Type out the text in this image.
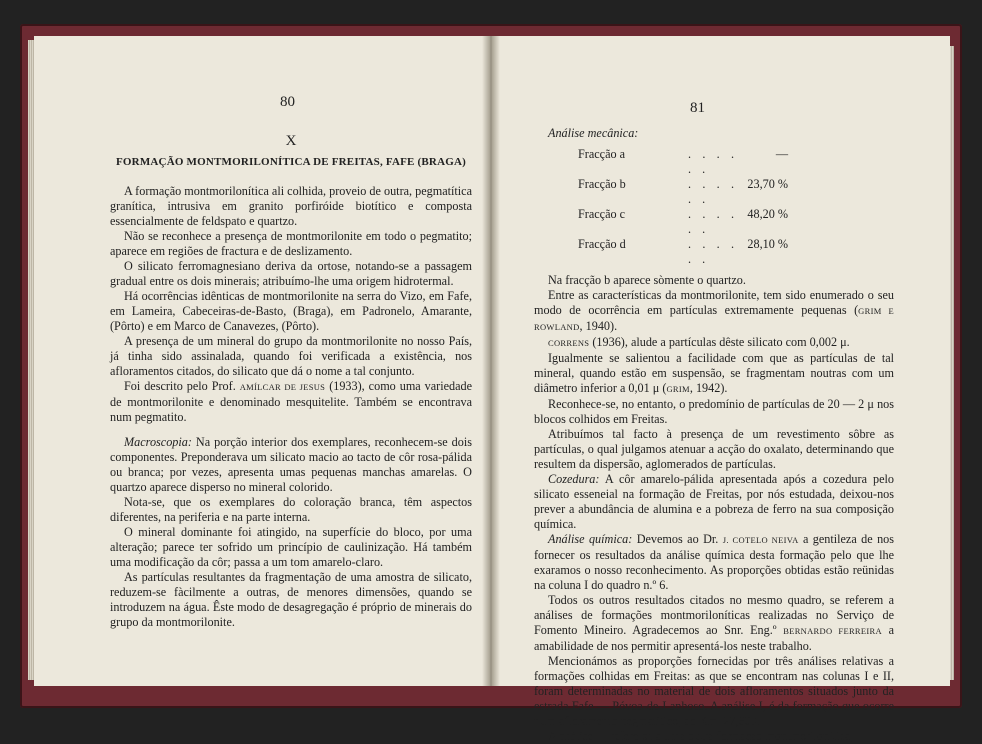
80
X
FORMAÇÃO MONTMORILONÍTICA DE FREITAS, FAFE (BRAGA)

A formação montmorilonítica ali colhida, proveio de outra, pegmatítica granítica, intrusiva em granito porfiróide biotítico e composta essencialmente de feldspato e quartzo.

Não se reconhece a presença de montmorilonite em todo o pegmatito; aparece em regiões de fractura e de deslizamento.

O silicato ferromagnesiano deriva da ortose, notando-se a passagem gradual entre os dois minerais; atribuímo-lhe uma origem hidrotermal.

Há ocorrências idênticas de montmorilonite na serra do Vizo, em Fafe, em Lameira, Cabeceiras-de-Basto, (Braga), em Padronelo, Amarante, (Pôrto) e em Marco de Canavezes, (Pôrto).

A presença de um mineral do grupo da montmorilonite no nosso País, já tinha sido assinalada, quando foi verificada a existência, nos afloramentos citados, do silicato que dá o nome a tal conjunto.

Foi descrito pelo Prof. AMÍLCAR DE JESUS (1933), como uma variedade de montmorilonite e denominado mesquitelite. Também se encontrava num pegmatito.

Macroscopia: Na porção interior dos exemplares, reconhecem-se dois componentes. Preponderava um silicato macio ao tacto de côr rosa-pálida ou branca; por vezes, apresenta umas pequenas manchas amarelas. O quartzo aparece disperso no mineral colorido.

Nota-se, que os exemplares do coloração branca, têm aspectos diferentes, na periferia e na parte interna.

O mineral dominante foi atingido, na superfície do bloco, por uma alteração; parece ter sofrido um princípio de caulinização. Há também uma modificação da côr; passa a um tom amarelo-claro.

As partículas resultantes da fragmentação de uma amostra de silicato, reduzem-se fàcilmente a outras, de menores dimensões, quando se introduzem na água. Êste modo de desagregação é próprio de minerais do grupo da montmorilonite.

81

Análise mecânica:

Fracção a	. . . . . .
—
Fracção b	. . . . . .
23,70 %
Fracção c	. . . . . .
48,20 %
Fracção d	. . . . . .
28,10 %

Na fracção b aparece sòmente o quartzo.

Entre as características da montmorilonite, tem sido enumerado o seu modo de ocorrência em partículas extremamente pequenas (GRIM E ROWLAND, 1940).

CORRENS (1936), alude a partículas dêste silicato com 0,002 μ.

Igualmente se salientou a facilidade com que as partículas de tal mineral, quando estão em suspensão, se fragmentam noutras com um diâmetro inferior a 0,01 μ (GRIM, 1942).

Reconhece-se, no entanto, o predomínio de partículas de 20 — 2 μ nos blocos colhidos em Freitas.

Atribuímos tal facto à presença de um revestimento sôbre as partículas, o qual julgamos atenuar a acção do oxalato, determinando que resultem da dispersão, aglomerados de partículas.

Cozedura: A côr amarelo-pálida apresentada após a cozedura pelo silicato esseneial na formação de Freitas, por nós estudada, deixou-nos prever a abundância de alumina e a pobreza de ferro na sua composição química.

Análise química: Devemos ao Dr. J. COTELO NEIVA a gentileza de nos fornecer os resultados da análise química desta formação pelo que lhe exaramos o nosso reconhecimento. As proporções obtidas estão reünidas na coluna I do quadro n.º 6.

Todos os outros resultados citados no mesmo quadro, se referem a análises de formações montmoriloníticas realizadas no Serviço de Fomento Mineiro. Agradecemos ao Snr. Eng.º BERNARDO FERREIRA a amabilidade de nos permitir apresentá-los neste trabalho.

Mencionámos as proporções fornecidas por três análises relativas a formações colhidas em Freitas: as que se encontram nas colunas I e II, foram determinadas no material de dois afloramentos situados junto da estrada Fafe — Póvoa-de-Lanhoso. A análise I, é da formação que ocorre num afloramento pegmatítico, ao Km. 27,600.

A análise II, refere-se a uma outra formação montmorilonítica,
